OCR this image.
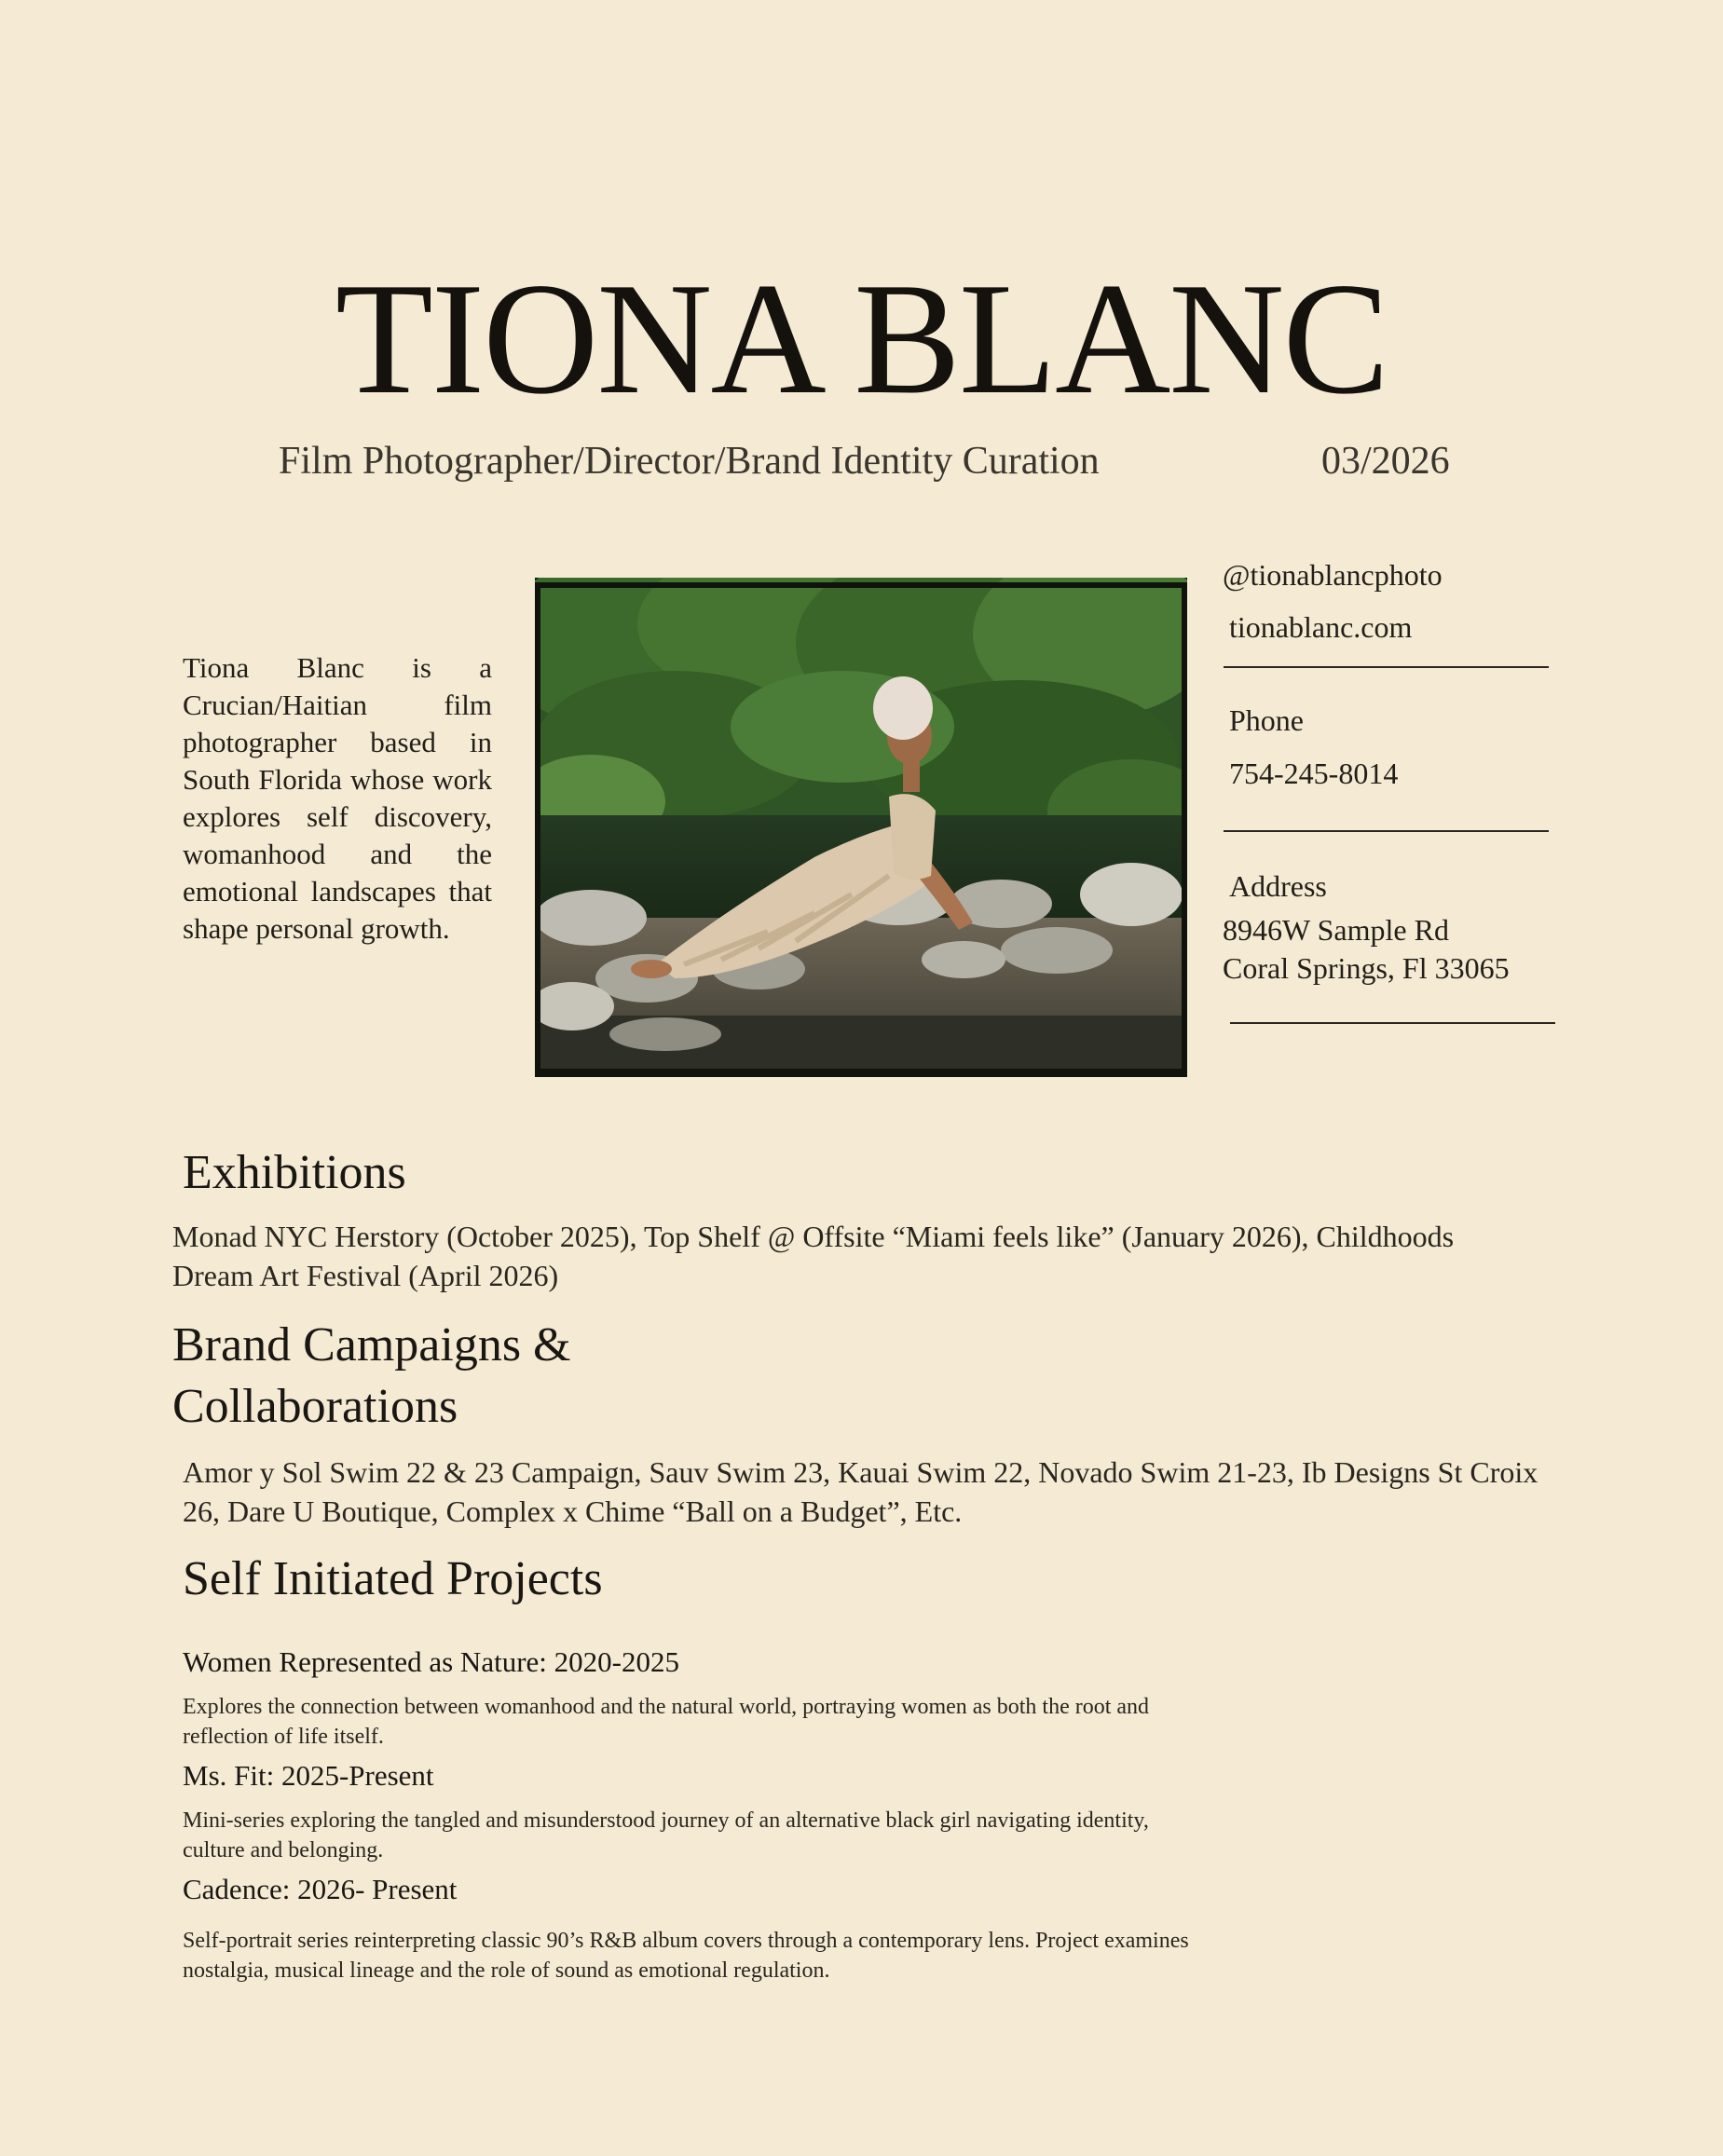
TIONA BLANC
Film Photographer/Director/Brand Identity Curation	03/2026
Tiona Blanc is a Crucian/Haitian film photographer based in South Florida whose work explores self discovery, womanhood and the emotional landscapes that shape personal growth.
@tionablancphoto
tionablanc.com
Phone
754-245-8014
Address
8946W Sample Rd
Coral Springs, Fl 33065
Exhibitions
Monad NYC Herstory (October 2025), Top Shelf @ Offsite “Miami feels like” (January 2026), Childhoods Dream Art Festival (April 2026)
Brand Campaigns &
Collaborations
Amor y Sol Swim 22 & 23 Campaign, Sauv Swim 23, Kauai Swim 22, Novado Swim 21-23, Ib Designs St Croix 26, Dare U Boutique, Complex x Chime “Ball on a Budget”, Etc.
Self Initiated Projects
Women Represented as Nature: 2020-2025
Explores the connection between womanhood and the natural world, portraying women as both the root and reflection of life itself.
Ms. Fit: 2025-Present
Mini-series exploring the tangled and misunderstood journey of an alternative black girl navigating identity, culture and belonging.
Cadence: 2026- Present
Self-portrait series reinterpreting classic 90’s R&B album covers through a contemporary lens. Project examines nostalgia, musical lineage and the role of sound as emotional regulation.
